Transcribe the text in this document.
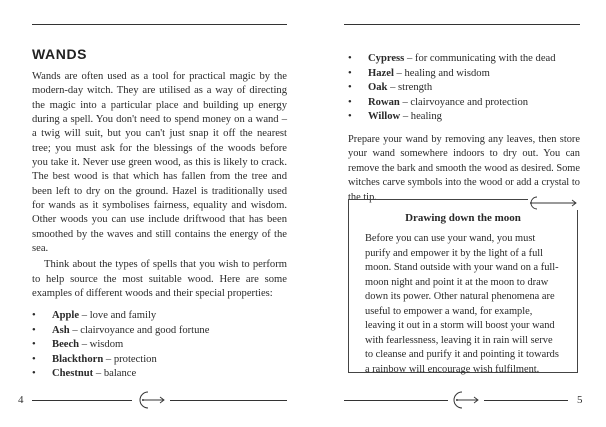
WANDS

Wands are often used as a tool for practical magic by the modern-day witch. They are utilised as a way of directing the magic into a particular place and building up energy during a spell. You don't need to spend money on a wand – a twig will suit, but you can't just snap it off the nearest tree; you must ask for the blessings of the woods before you take it. Never use green wood, as this is likely to crack. The best wood is that which has fallen from the tree and been left to dry on the ground. Hazel is traditionally used for wands as it symbolises fairness, equality and wisdom. Other woods you can use include driftwood that has been smoothed by the waves and still contains the energy of the sea.

Think about the types of spells that you wish to perform to help source the most suitable wood. Here are some examples of different woods and their special properties:

• Apple – love and family
• Ash – clairvoyance and good fortune
• Beech – wisdom
• Blackthorn – protection
• Chestnut – balance
4
• Cypress – for communicating with the dead
• Hazel – healing and wisdom
• Oak – strength
• Rowan – clairvoyance and protection
• Willow – healing

Prepare your wand by removing any leaves, then store your wand somewhere indoors to dry out. You can remove the bark and smooth the wood as desired. Some witches carve symbols into the wood or add a crystal to the tip.

Drawing down the moon

Before you can use your wand, you must purify and empower it by the light of a full moon. Stand outside with your wand on a full-moon night and point it at the moon to draw down its power. Other natural phenomena are useful to empower a wand, for example, leaving it out in a storm will boost your wand with fearlessness, leaving it in rain will serve to cleanse and purify it and pointing it towards a rainbow will encourage wish fulfilment.

5
